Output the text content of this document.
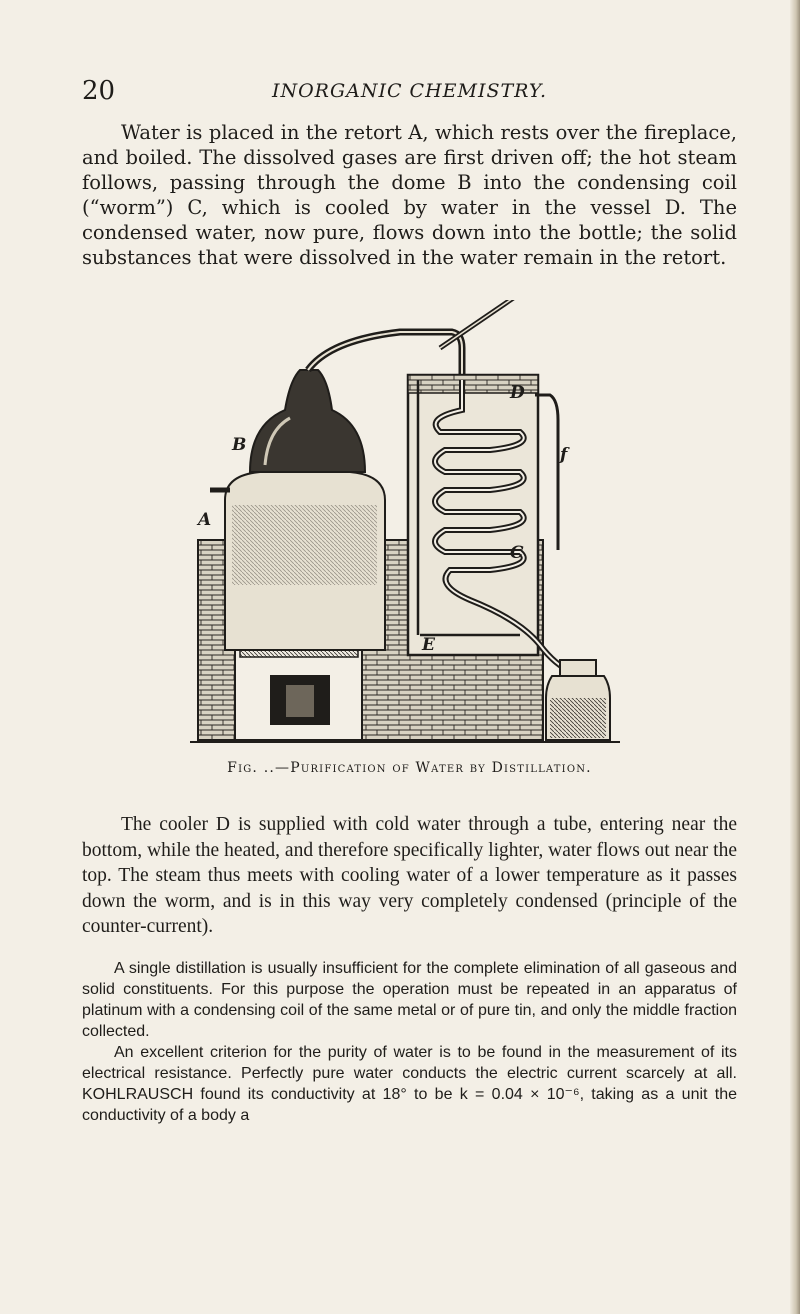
20	INORGANIC CHEMISTRY.

Water is placed in the retort A, which rests over the fireplace, and boiled. The dissolved gases are first driven off; the hot steam follows, passing through the dome B into the condensing coil (“worm”) C, which is cooled by water in the vessel D. The condensed water, now pure, flows down into the bottle; the solid substances that were dissolved in the water remain in the retort.

A
B
C
D
E
f

Fig. ..—Purification of Water by Distillation.

The cooler D is supplied with cold water through a tube, entering near the bottom, while the heated, and therefore specifically lighter, water flows out near the top. The steam thus meets with cooling water of a lower temperature as it passes down the worm, and is in this way very completely condensed (principle of the counter-current).

A single distillation is usually insufficient for the complete elimination of all gaseous and solid constituents. For this purpose the operation must be repeated in an apparatus of platinum with a condensing coil of the same metal or of pure tin, and only the middle fraction collected.

An excellent criterion for the purity of water is to be found in the measurement of its electrical resistance. Perfectly pure water conducts the electric current scarcely at all. KOHLRAUSCH found its conductivity at 18° to be k = 0.04 × 10⁻⁶, taking as a unit the conductivity of a body a
